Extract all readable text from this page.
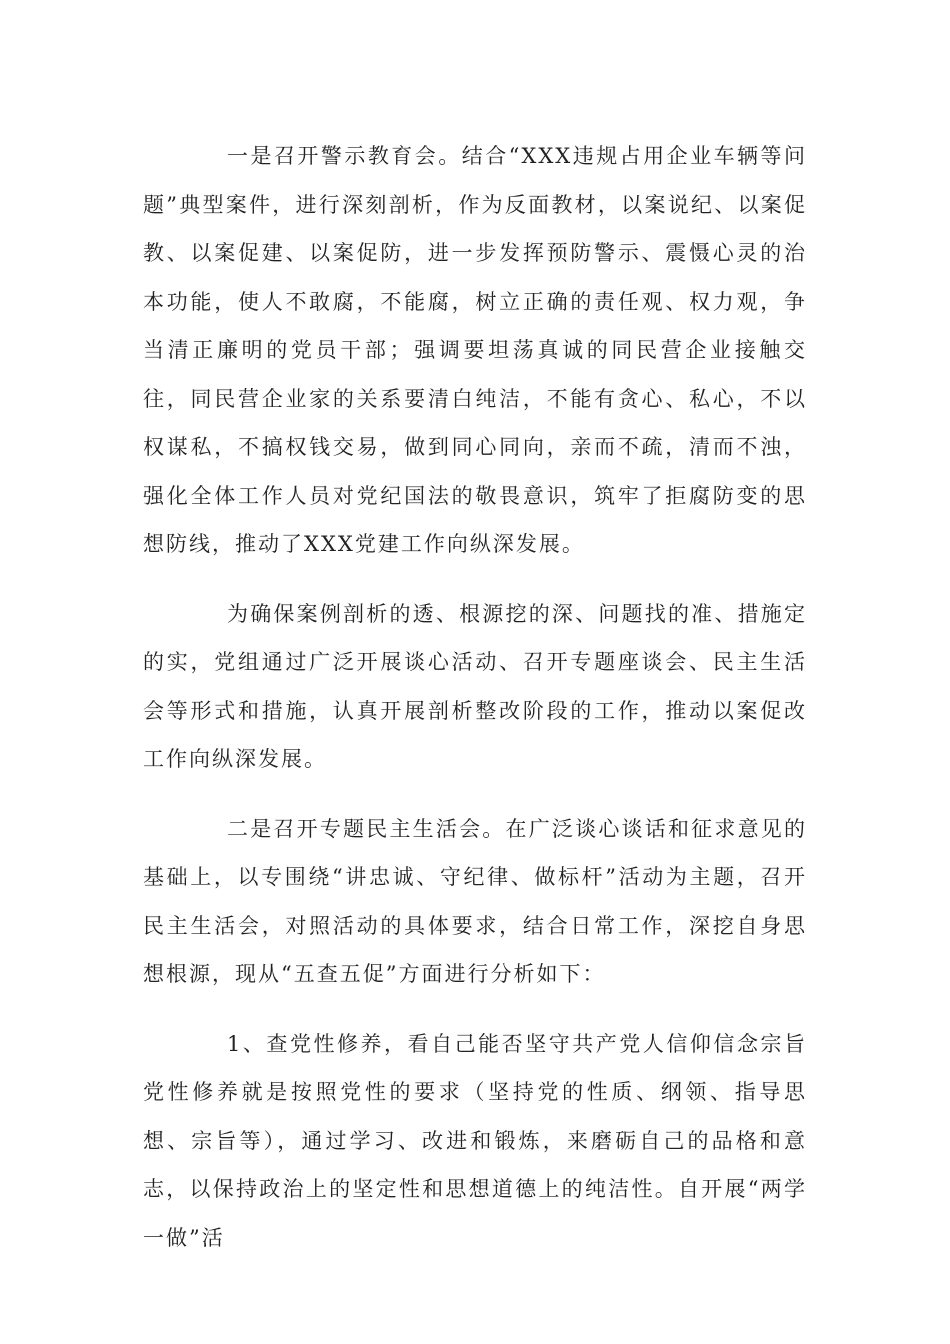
一是召开警示教育会。结合“XXX违规占用企业车辆等问题”典型案件，进行深刻剖析，作为反面教材，以案说纪、以案促教、以案促建、以案促防，进一步发挥预防警示、震慑心灵的治本功能，使人不敢腐，不能腐，树立正确的责任观、权力观，争当清正廉明的党员干部；强调要坦荡真诚的同民营企业接触交往，同民营企业家的关系要清白纯洁，不能有贪心、私心，不以权谋私，不搞权钱交易，做到同心同向，亲而不疏，清而不浊，强化全体工作人员对党纪国法的敬畏意识，筑牢了拒腐防变的思想防线，推动了XXX党建工作向纵深发展。

为确保案例剖析的透、根源挖的深、问题找的准、措施定的实，党组通过广泛开展谈心活动、召开专题座谈会、民主生活会等形式和措施，认真开展剖析整改阶段的工作，推动以案促改工作向纵深发展。

二是召开专题民主生活会。在广泛谈心谈话和征求意见的基础上，以专围绕“讲忠诚、守纪律、做标杆”活动为主题，召开民主生活会，对照活动的具体要求，结合日常工作，深挖自身思想根源，现从“五查五促”方面进行分析如下：

1、查党性修养，看自己能否坚守共产党人信仰信念宗旨党性修养就是按照党性的要求（坚持党的性质、纲领、指导思想、宗旨等），通过学习、改进和锻炼，来磨砺自己的品格和意志，以保持政治上的坚定性和思想道德上的纯洁性。自开展“两学一做”活
